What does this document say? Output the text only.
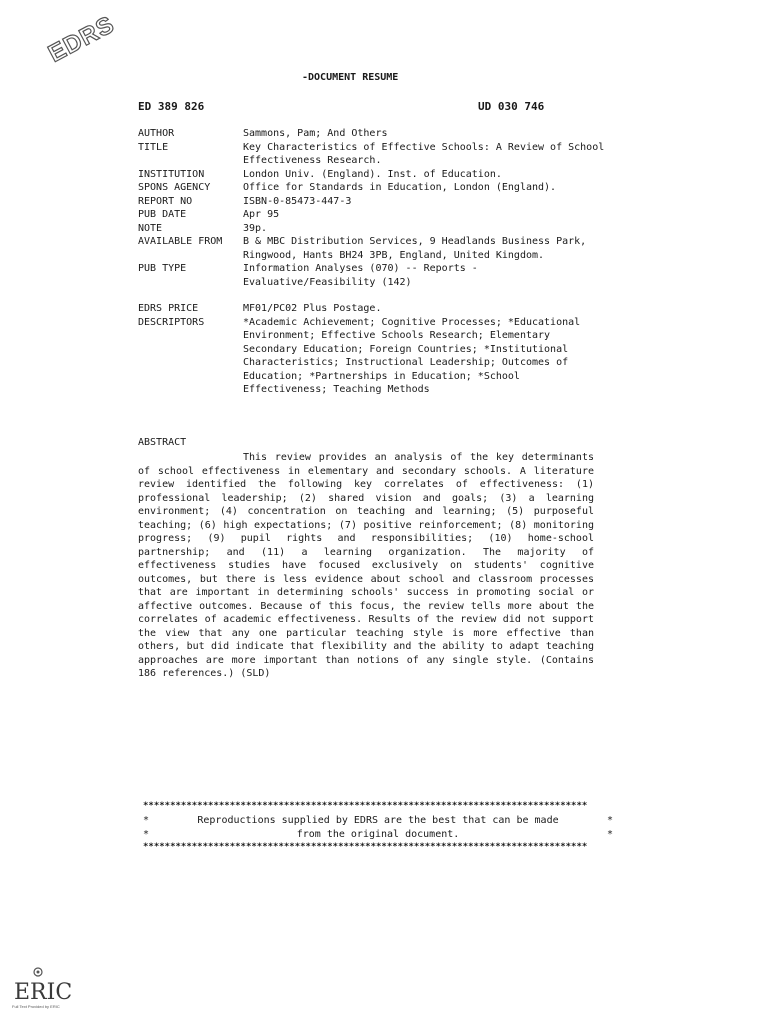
EDRS
-DOCUMENT RESUME
ED 389 826	UD 030 746
AUTHOR	Sammons, Pam; And Others
TITLE	Key Characteristics of Effective Schools: A Review of School Effectiveness Research.
INSTITUTION	London Univ. (England). Inst. of Education.
SPONS AGENCY	Office for Standards in Education, London (England).
REPORT NO	ISBN-0-85473-447-3
PUB DATE	Apr 95
NOTE	39p.
AVAILABLE FROM	B & MBC Distribution Services, 9 Headlands Business Park, Ringwood, Hants BH24 3PB, England, United Kingdom.
PUB TYPE	Information Analyses (070) -- Reports - Evaluative/Feasibility (142)
EDRS PRICE	MF01/PC02 Plus Postage.
DESCRIPTORS	*Academic Achievement; Cognitive Processes; *Educational Environment; Effective Schools Research; Elementary Secondary Education; Foreign Countries; *Institutional Characteristics; Instructional Leadership; Outcomes of Education; *Partnerships in Education; *School Effectiveness; Teaching Methods
ABSTRACT
This review provides an analysis of the key determinants of school effectiveness in elementary and secondary schools. A literature review identified the following key correlates of effectiveness: (1) professional leadership; (2) shared vision and goals; (3) a learning environment; (4) concentration on teaching and learning; (5) purposeful teaching; (6) high expectations; (7) positive reinforcement; (8) monitoring progress; (9) pupil rights and responsibilities; (10) home-school partnership; and (11) a learning organization. The majority of effectiveness studies have focused exclusively on students' cognitive outcomes, but there is less evidence about school and classroom processes that are important in determining schools' success in promoting social or affective outcomes. Because of this focus, the review tells more about the correlates of academic effectiveness. Results of the review did not support the view that any one particular teaching style is more effective than others, but did indicate that flexibility and the ability to adapt teaching approaches are more important than notions of any single style. (Contains 186 references.) (SLD)
**********************************************************************************
*	Reproductions supplied by EDRS are the best that can be made	*
*	from the original document.	*
**********************************************************************************
ERIC
Full Text Provided by ERIC
